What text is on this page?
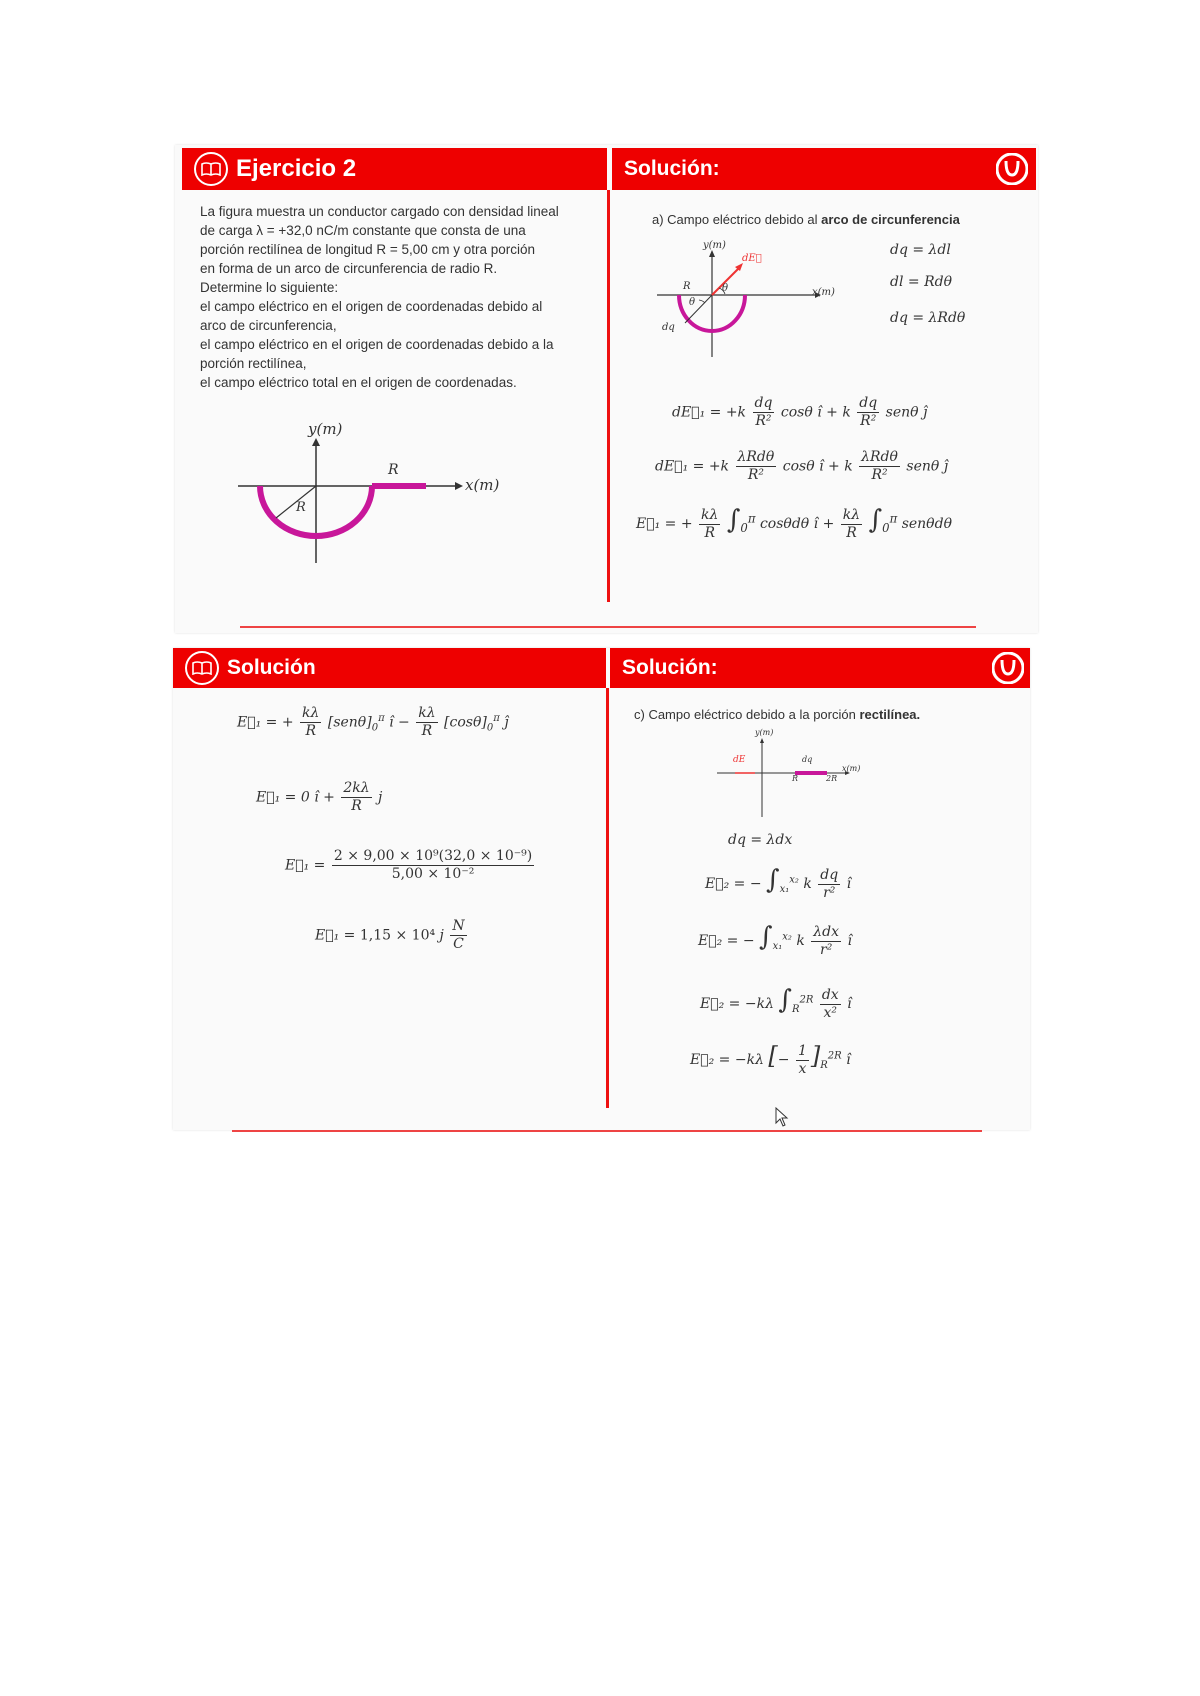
Ejercicio 2	Solución:
La figura muestra un conductor cargado con densidad lineal
de carga λ = +32,0 nC/m constante que consta de una
porción rectilínea de longitud R = 5,00 cm y otra porción
en forma de un arco de circunferencia de radio R.
Determine lo siguiente:
el campo eléctrico en el origen de coordenadas debido al
arco de circunferencia,
el campo eléctrico en el origen de coordenadas debido a la
porción rectilínea,
el campo eléctrico total en el origen de coordenadas.
y(m)
x(m)
R
R
a) Campo eléctrico debido al arco de circunferencia
y(m)
x(m)
dE⃗
R	θ
θ
dq
dq = λdl
dl = Rdθ
dq = λRdθ
dE⃗₁ = $+k \frac{dq}{\text{R²}}$ cosθ î + k $\frac{dq}{\text{R²}}$ senθ ĵ
dE⃗₁ = $+k \frac{\text{λRdθ}}{\text{R²}}$ cosθ î + k $\frac{\text{λRdθ}}{\text{R²}}$ senθ ĵ
E⃗₁ = + $\frac{k\lambda}{R} \int_0^\pi$ cosθdθ î + $\frac{k\lambda}{R} \int_0^\pi$ senθdθ
Solución	Solución:
E⃗₁ = + $\frac{k\lambda}{R} [sen\theta]_0^\pi$ î − $\frac{k\lambda}{R} [\cos\theta]_0^\pi$ ĵ
E⃗₁ = 0 î + $\frac{2k\lambda}{R}$ j
E⃗₁ = $\frac{\text{2 × 9,00 × 10⁹(32,0 × 10⁻⁹)}}{\text{5,00 × 10⁻²}}$
E⃗₁ = 1,15 × 10⁴ j $\frac{N}{C}$
c) Campo eléctrico debido a la porción rectilínea.
y(m)
x(m)
dE	dq
R	2R
dq = λdx
E⃗₂ = − $\int_{x_1}^{x_2}$ k $\frac{dq}{\text{r²}}$ î
E⃗₂ = − $\int_{x_1}^{x_2}$ k $\frac{\text{λdx}}{\text{r²}}$ î
E⃗₂ = −kλ $\int_R^{2R} \frac{dx}{\text{x²}}$ î
E⃗₂ = −kλ [− $\frac{1}{x} ]_R^{2R}$ î
